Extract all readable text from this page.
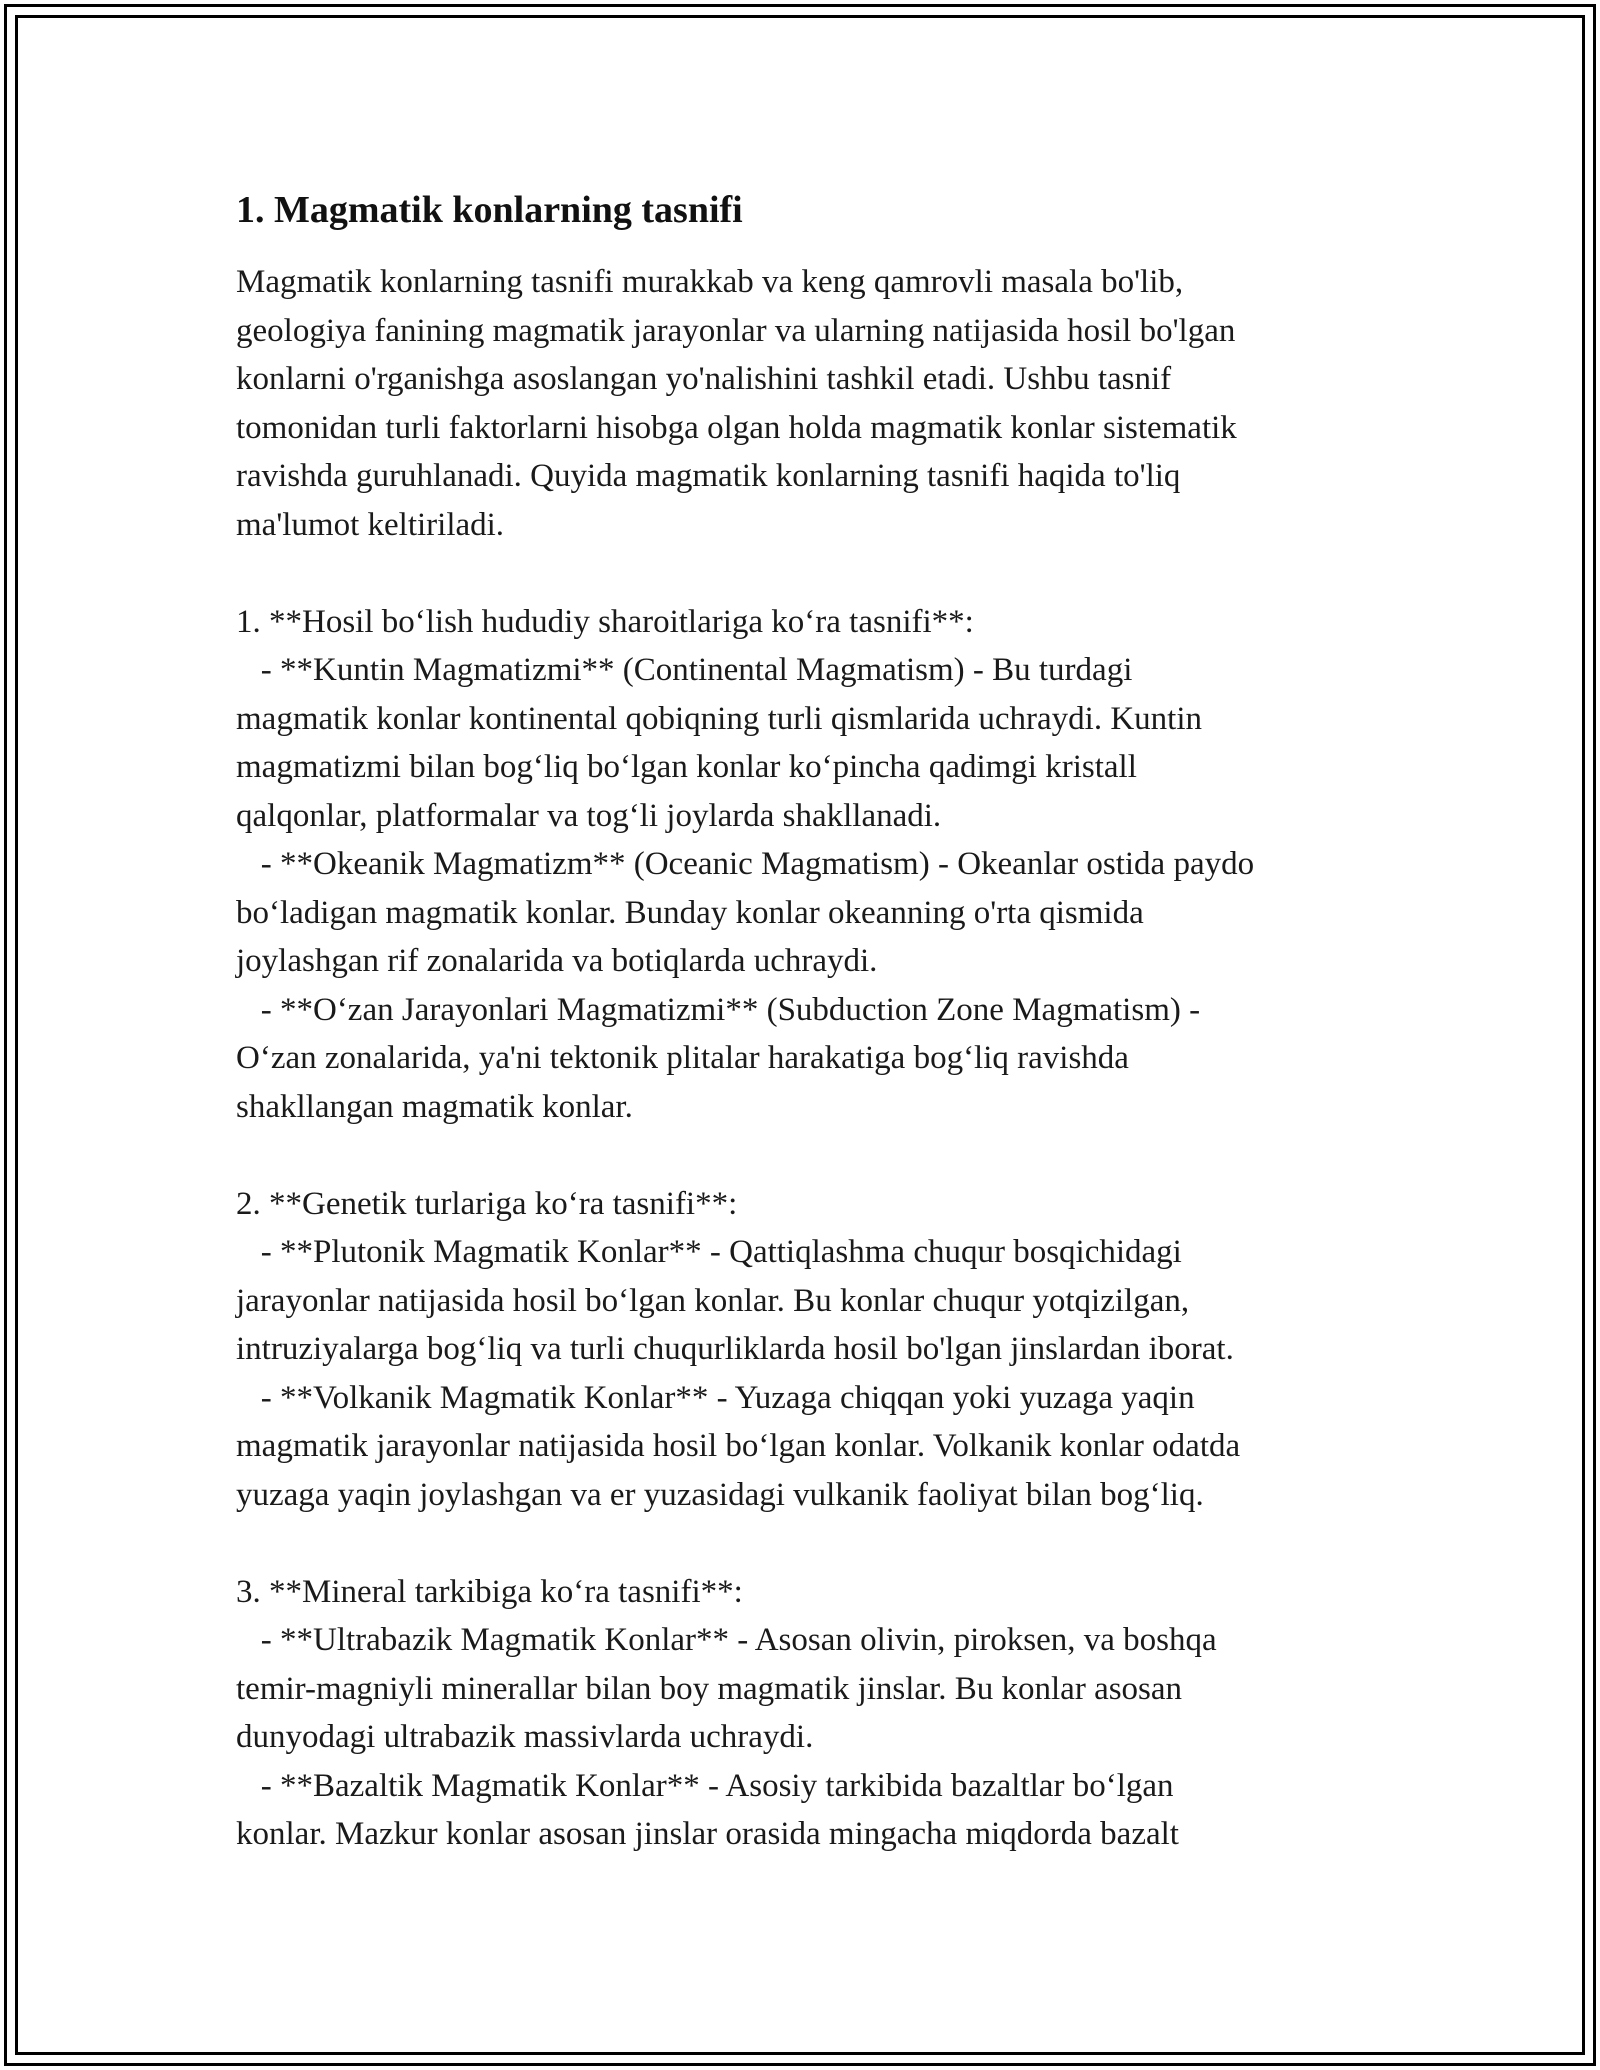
1. Magmatik konlarning tasnifi

Magmatik konlarning tasnifi murakkab va keng qamrovli masala bo'lib,
geologiya fanining magmatik jarayonlar va ularning natijasida hosil bo'lgan
konlarni o'rganishga asoslangan yo'nalishini tashkil etadi. Ushbu tasnif
tomonidan turli faktorlarni hisobga olgan holda magmatik konlar sistematik
ravishda guruhlanadi. Quyida magmatik konlarning tasnifi haqida to'liq
ma'lumot keltiriladi.

1. **Hosil bo‘lish hududiy sharoitlariga ko‘ra tasnifi**:
- **Kuntin Magmatizmi** (Continental Magmatism) - Bu turdagi
magmatik konlar kontinental qobiqning turli qismlarida uchraydi. Kuntin
magmatizmi bilan bog‘liq bo‘lgan konlar ko‘pincha qadimgi kristall
qalqonlar, platformalar va tog‘li joylarda shakllanadi.
- **Okeanik Magmatizm** (Oceanic Magmatism) - Okeanlar ostida paydo
bo‘ladigan magmatik konlar. Bunday konlar okeanning o'rta qismida
joylashgan rif zonalarida va botiqlarda uchraydi.
- **O‘zan Jarayonlari Magmatizmi** (Subduction Zone Magmatism) -
O‘zan zonalarida, ya'ni tektonik plitalar harakatiga bog‘liq ravishda
shakllangan magmatik konlar.

2. **Genetik turlariga ko‘ra tasnifi**:
- **Plutonik Magmatik Konlar** - Qattiqlashma chuqur bosqichidagi
jarayonlar natijasida hosil bo‘lgan konlar. Bu konlar chuqur yotqizilgan,
intruziyalarga bog‘liq va turli chuqurliklarda hosil bo'lgan jinslardan iborat.
- **Volkanik Magmatik Konlar** - Yuzaga chiqqan yoki yuzaga yaqin
magmatik jarayonlar natijasida hosil bo‘lgan konlar. Volkanik konlar odatda
yuzaga yaqin joylashgan va er yuzasidagi vulkanik faoliyat bilan bog‘liq.

3. **Mineral tarkibiga ko‘ra tasnifi**:
- **Ultrabazik Magmatik Konlar** - Asosan olivin, piroksen, va boshqa
temir-magniyli minerallar bilan boy magmatik jinslar. Bu konlar asosan
dunyodagi ultrabazik massivlarda uchraydi.
- **Bazaltik Magmatik Konlar** - Asosiy tarkibida bazaltlar bo‘lgan
konlar. Mazkur konlar asosan jinslar orasida mingacha miqdorda bazalt
